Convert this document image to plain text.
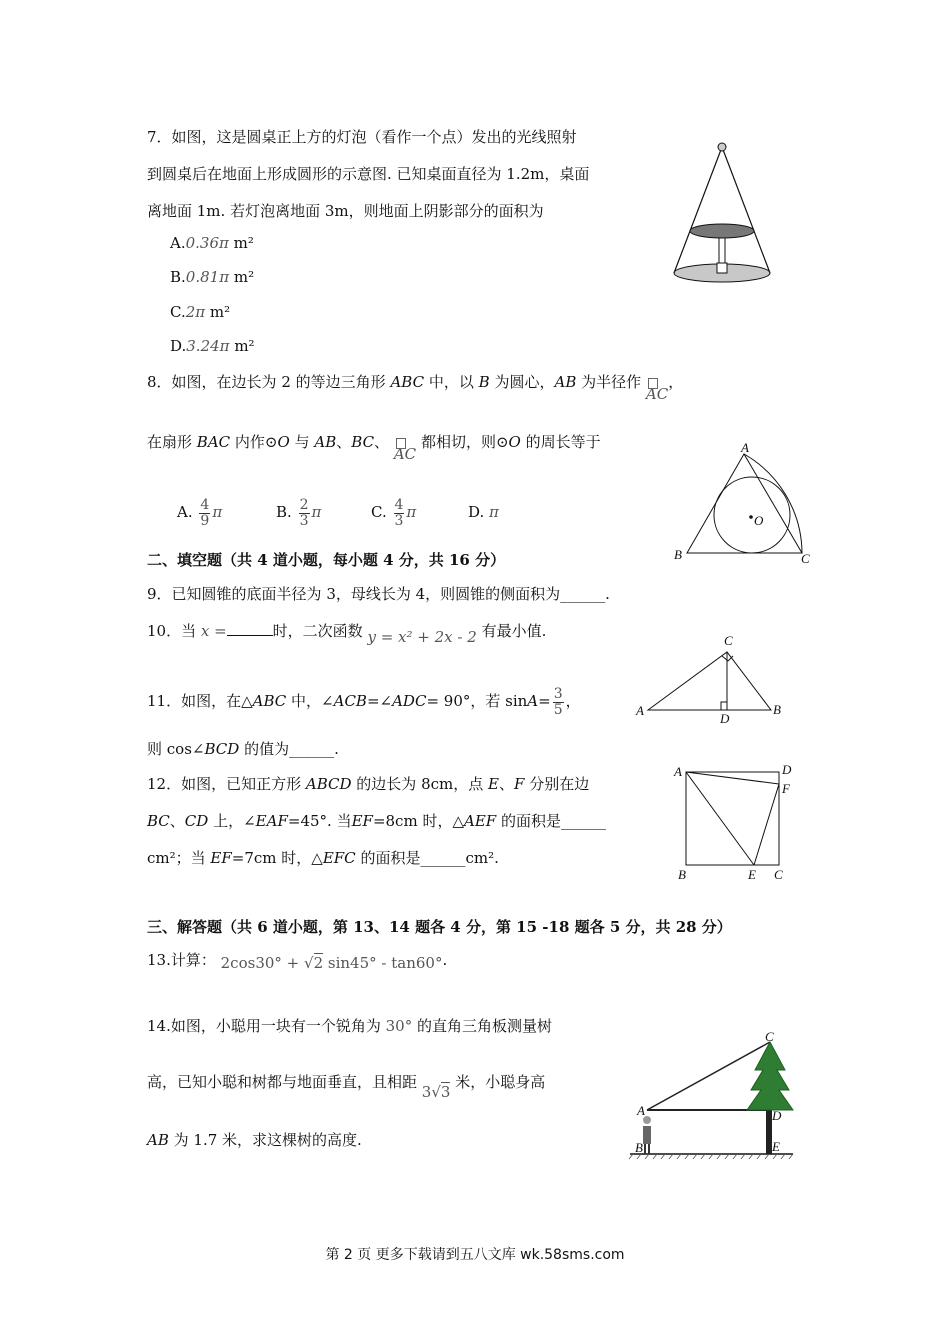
7．如图，这是圆桌正上方的灯泡（看作一个点）发出的光线照射
到圆桌后在地面上形成圆形的示意图. 已知桌面直径为 1.2m，桌面
离地面 1m. 若灯泡离地面 3m，则地面上阴影部分的面积为
A.0.36π m²
B.0.81π m²
C.2π m²
D.3.24π m²
8．如图，在边长为 2 的等边三角形 ABC 中，以 B 为圆心，AB 为半径作
AC，
在扇形 BAC 内作⊙O 与 AB、BC、
AC 都相切，则⊙O 的周长等于
A. $\frac{4}{9}$ π	B. $\frac{2}{3}$ π	C. $\frac{4}{3}$ π	D. π
A
B	C
O
二、填空题（共 4 道小题，每小题 4 分，共 16 分）
9．已知圆锥的底面半径为 3，母线长为 4，则圆锥的侧面积为______.
10．当 x =	时，二次函数 y = x² + 2x - 2 有最小值.
11．如图，在△ABC 中，∠ACB=∠ADC= 90°，若 $\sin A= \frac{3}{5}$ ，
则 cos∠BCD 的值为______.
C
A	B
D
12．如图，已知正方形 ABCD 的边长为 8cm，点 E、F 分别在边
BC、CD 上，∠EAF=45°. 当EF=8cm 时，△AEF 的面积是______
cm²；当 EF=7cm 时，△EFC 的面积是______cm².
A	D
F
B	E C
三、解答题（共 6 道小题，第 13、14 题各 4 分，第 15 -18 题各 5 分，共 28 分）
13.计算： 2cos30° + √2 sin45° - tan60°.
14.如图，小聪用一块有一个锐角为 30° 的直角三角板测量树
高，已知小聪和树都与地面垂直，且相距 3√3 米，小聪身高
AB 为 1.7 米，求这棵树的高度.
A
B
C
D
E
第 2 页 更多下载请到五八文库 wk.58sms.com
